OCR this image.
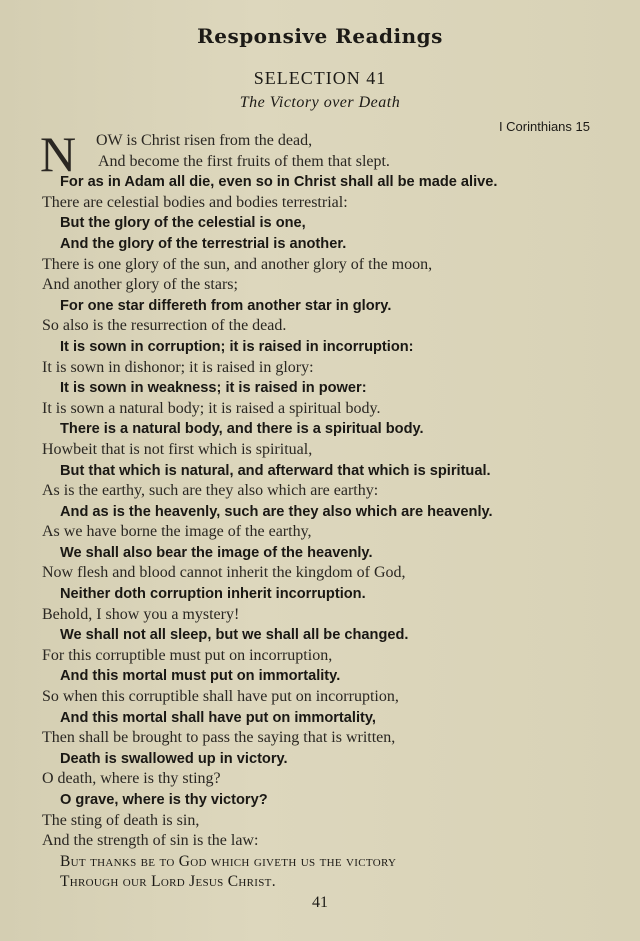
Responsive Readings
SELECTION 41
The Victory over Death
I Corinthians 15
N OW is Christ risen from the dead,
And become the first fruits of them that slept.
For as in Adam all die, even so in Christ shall all be made alive.
There are celestial bodies and bodies terrestrial:
But the glory of the celestial is one,
And the glory of the terrestrial is another.
There is one glory of the sun, and another glory of the moon,
And another glory of the stars;
For one star differeth from another star in glory.
So also is the resurrection of the dead.
It is sown in corruption; it is raised in incorruption:
It is sown in dishonor; it is raised in glory:
It is sown in weakness; it is raised in power:
It is sown a natural body; it is raised a spiritual body.
There is a natural body, and there is a spiritual body.
Howbeit that is not first which is spiritual,
But that which is natural, and afterward that which is spiritual.
As is the earthy, such are they also which are earthy:
And as is the heavenly, such are they also which are heavenly.
As we have borne the image of the earthy,
We shall also bear the image of the heavenly.
Now flesh and blood cannot inherit the kingdom of God,
Neither doth corruption inherit incorruption.
Behold, I show you a mystery!
We shall not all sleep, but we shall all be changed.
For this corruptible must put on incorruption,
And this mortal must put on immortality.
So when this corruptible shall have put on incorruption,
And this mortal shall have put on immortality,
Then shall be brought to pass the saying that is written,
Death is swallowed up in victory.
O death, where is thy sting?
O grave, where is thy victory?
The sting of death is sin,
And the strength of sin is the law:
But thanks be to God which giveth us the victory
Through our Lord Jesus Christ.
41
